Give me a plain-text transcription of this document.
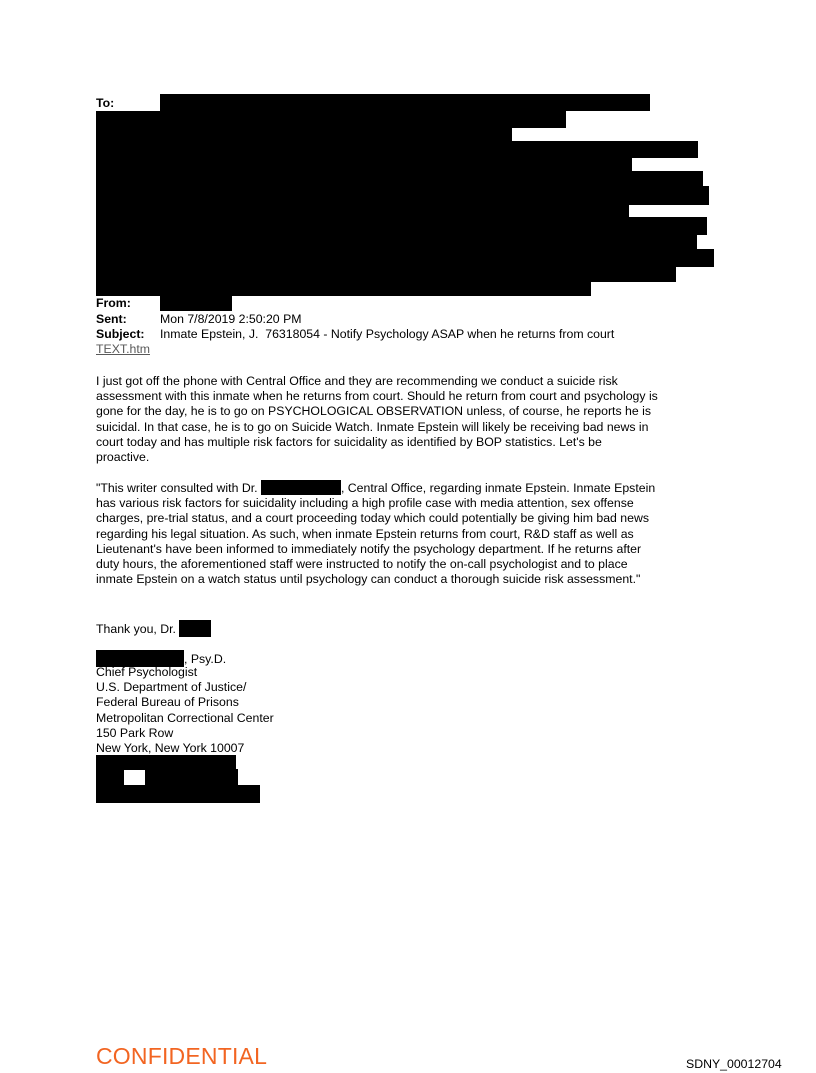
To:
From:
Sent:	Mon 7/8/2019 2:50:20 PM
Subject: Inmate Epstein, J.  76318054 - Notify Psychology ASAP when he returns from court
TEXT.htm
I just got off the phone with Central Office and they are recommending we conduct a suicide risk
assessment with this inmate when he returns from court. Should he return from court and psychology is
gone for the day, he is to go on PSYCHOLOGICAL OBSERVATION unless, of course, he reports he is
suicidal. In that case, he is to go on Suicide Watch. Inmate Epstein will likely be receiving bad news in
court today and has multiple risk factors for suicidality as identified by BOP statistics. Let's be
proactive.
"This writer consulted with Dr.	, Central Office, regarding inmate Epstein. Inmate Epstein
has various risk factors for suicidality including a high profile case with media attention, sex offense
charges, pre-trial status, and a court proceeding today which could potentially be giving him bad news
regarding his legal situation. As such, when inmate Epstein returns from court, R&D staff as well as
Lieutenant's have been informed to immediately notify the psychology department. If he returns after
duty hours, the aforementioned staff were instructed to notify the on-call psychologist and to place
inmate Epstein on a watch status until psychology can conduct a thorough suicide risk assessment."
Thank you, Dr.
, Psy.D.
Chief Psychologist
U.S. Department of Justice/
Federal Bureau of Prisons
Metropolitan Correctional Center
150 Park Row
New York, New York 10007
CONFIDENTIAL	SDNY_00012704
